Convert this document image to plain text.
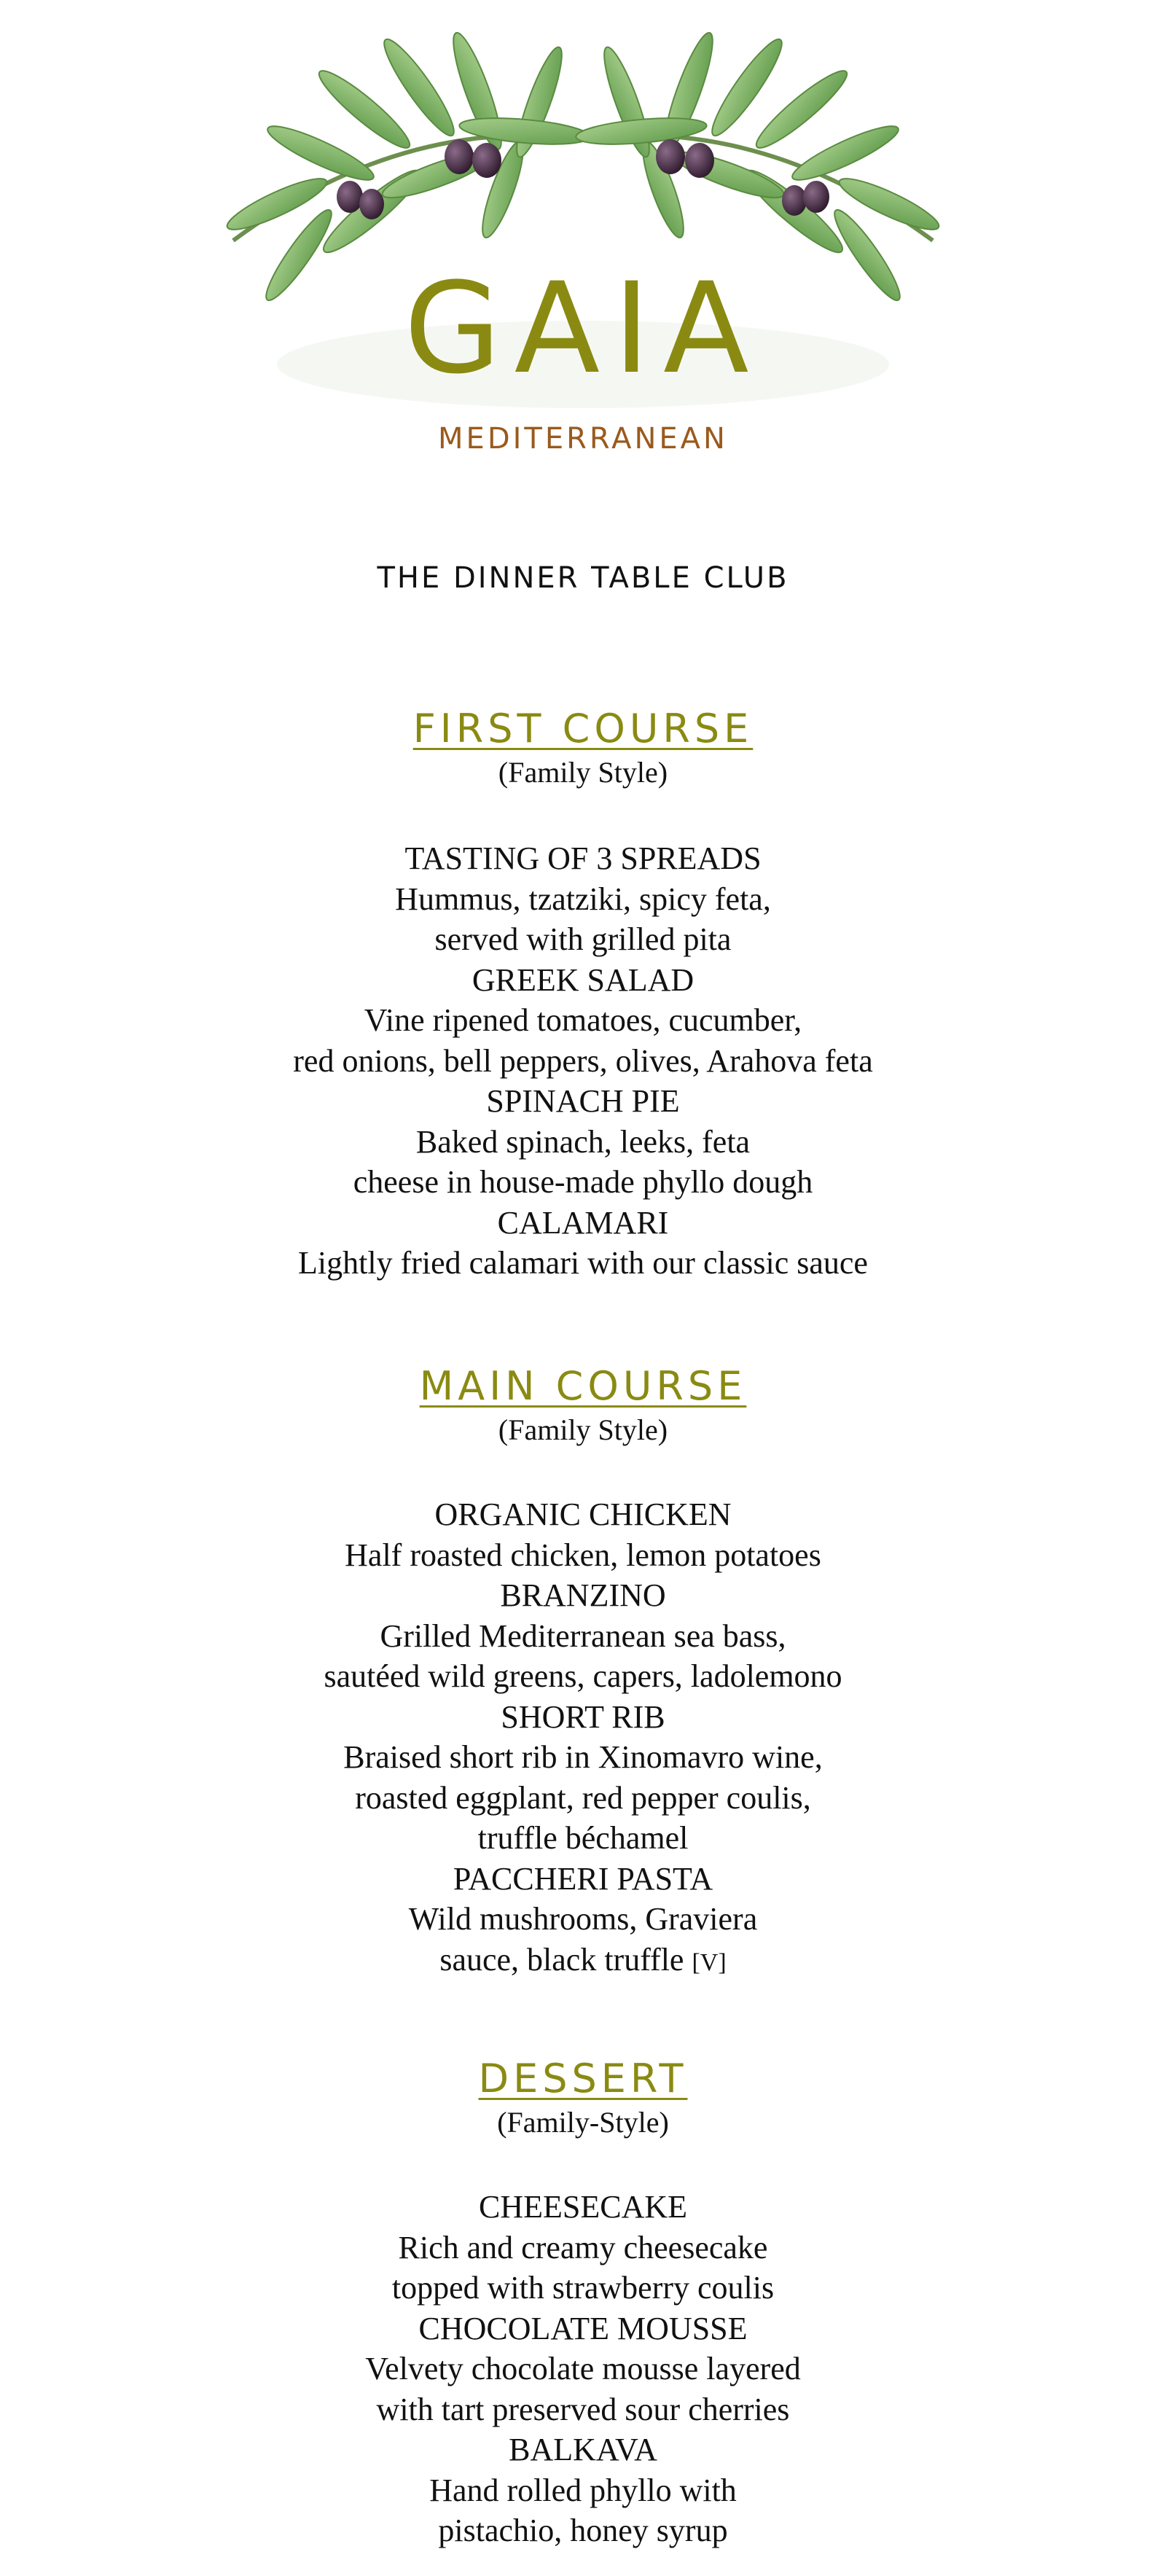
GAIA
MEDITERRANEAN
THE DINNER TABLE CLUB
FIRST COURSE
(Family Style)
TASTING OF 3 SPREADS
Hummus, tzatziki, spicy feta,
served with grilled pita
GREEK SALAD
Vine ripened tomatoes, cucumber,
red onions, bell peppers, olives, Arahova feta
SPINACH PIE
Baked spinach, leeks, feta
cheese in house-made phyllo dough
CALAMARI
Lightly fried calamari with our classic sauce
MAIN COURSE
(Family Style)
ORGANIC CHICKEN
Half roasted chicken, lemon potatoes
BRANZINO
Grilled Mediterranean sea bass,
sautéed wild greens, capers, ladolemono
SHORT RIB
Braised short rib in Xinomavro wine,
roasted eggplant, red pepper coulis,
truffle béchamel
PACCHERI PASTA
Wild mushrooms, Graviera
sauce, black truffle [V]
DESSERT
(Family-Style)
CHEESECAKE
Rich and creamy cheesecake
topped with strawberry coulis
CHOCOLATE MOUSSE
Velvety chocolate mousse layered
with tart preserved sour cherries
BALKAVA
Hand rolled phyllo with
pistachio, honey syrup
